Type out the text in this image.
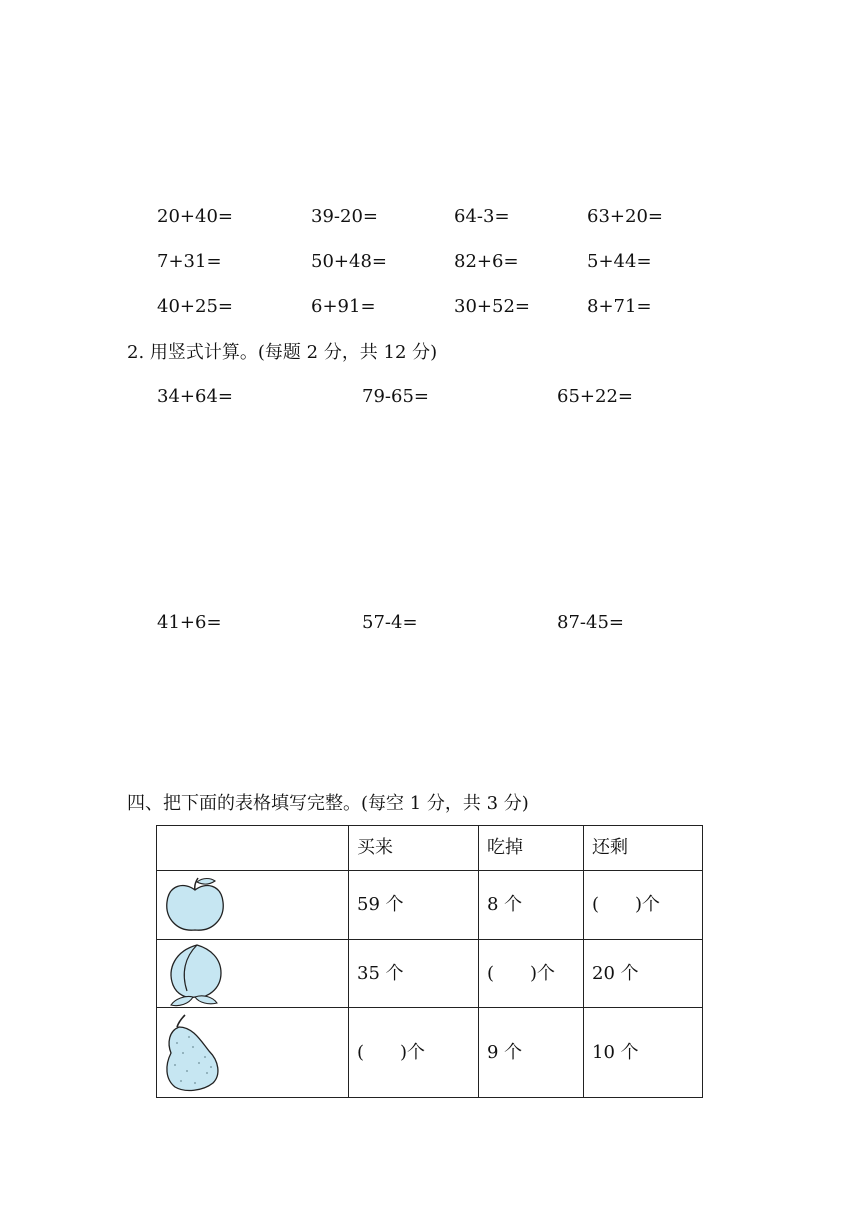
20+40=	39-20=	64-3=	63+20=
7+31=	50+48=	82+6=	5+44=
40+25=	6+91=	30+52=	8+71=
2. 用竖式计算。(每题 2 分，共 12 分)
34+64=	79-65=	65+22=
41+6=	57-4=	87-45=
四、把下面的表格填写完整。(每空 1 分，共 3 分)
	买来	吃掉	还剩

	59 个	8 个	(　　)个

	35 个	(　　)个	20 个

	(　　)个	9 个	10 个
